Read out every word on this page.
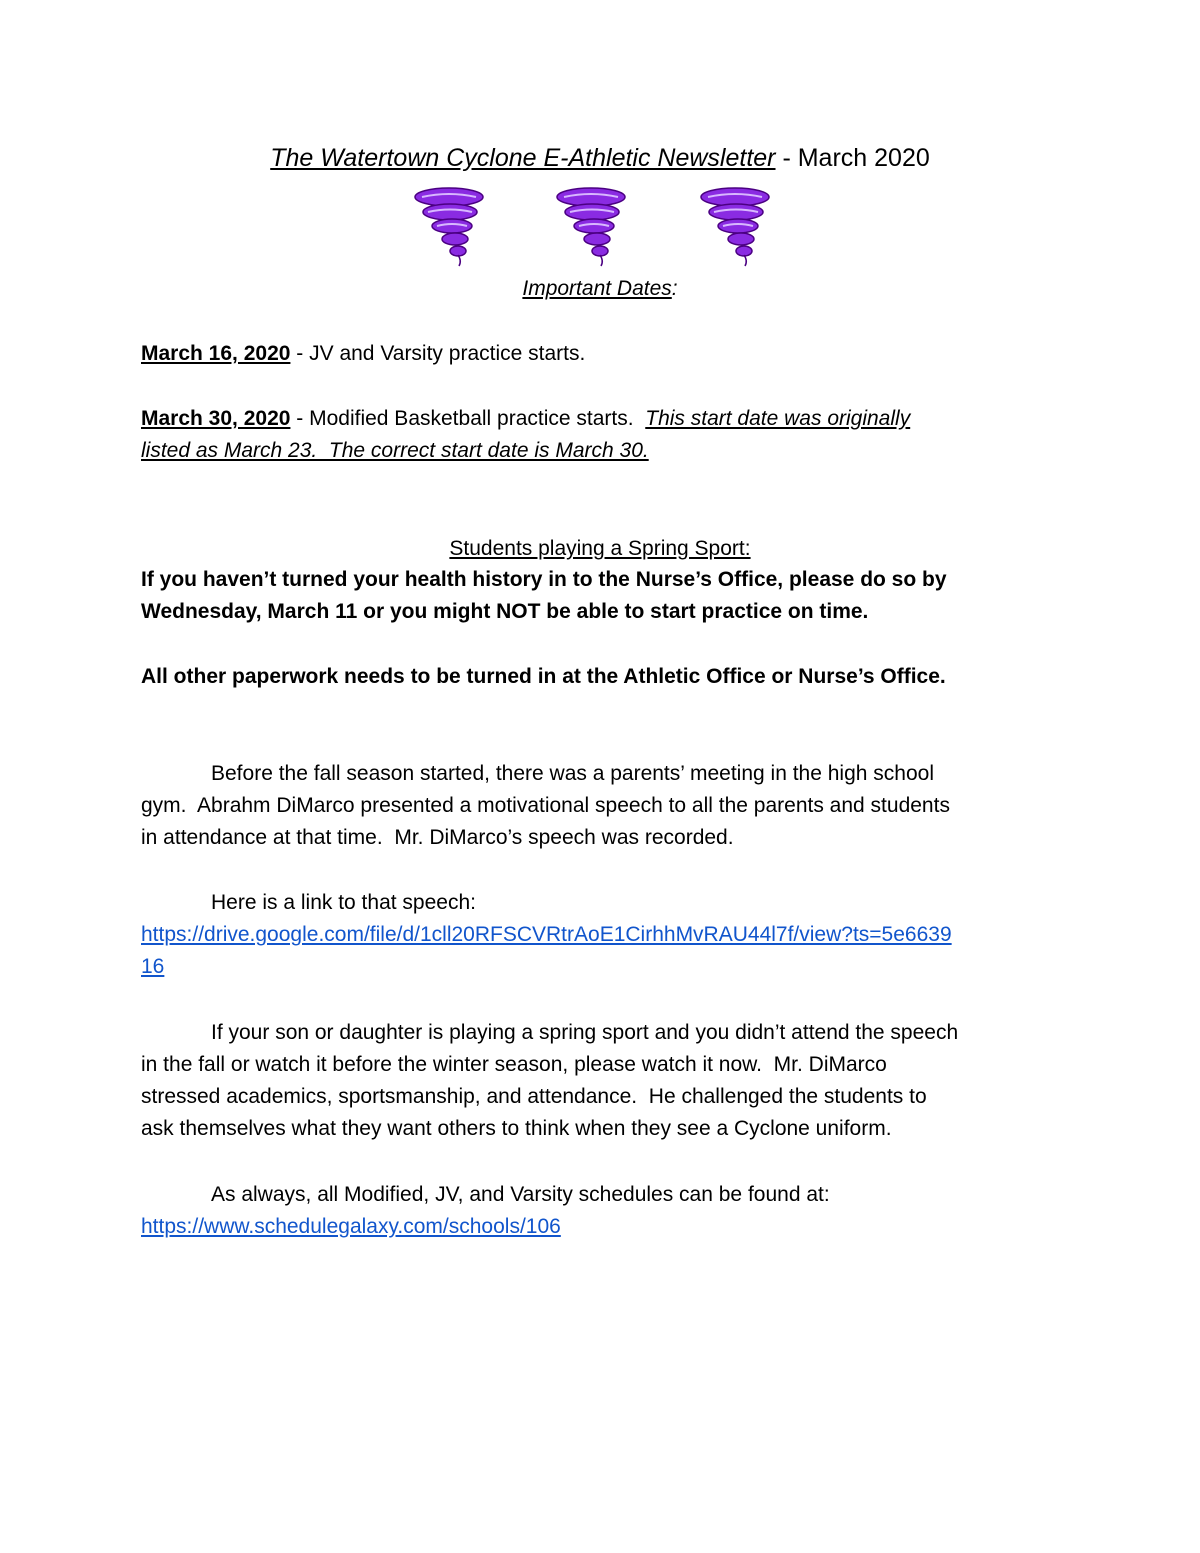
The Watertown Cyclone E-Athletic Newsletter - March 2020
Important Dates:
March 16, 2020 - JV and Varsity practice starts.
March 30, 2020 - Modified Basketball practice starts.  This start date was originally
listed as March 23.  The correct start date is March 30.
Students playing a Spring Sport:
If you haven’t turned your health history in to the Nurse’s Office, please do so by
Wednesday, March 11 or you might NOT be able to start practice on time.
All other paperwork needs to be turned in at the Athletic Office or Nurse’s Office.
Before the fall season started, there was a parents’ meeting in the high school
gym.  Abrahm DiMarco presented a motivational speech to all the parents and students
in attendance at that time.  Mr. DiMarco’s speech was recorded.
Here is a link to that speech:
https://drive.google.com/file/d/1cll20RFSCVRtrAoE1CirhhMvRAU44l7f/view?ts=5e6639
16
If your son or daughter is playing a spring sport and you didn’t attend the speech
in the fall or watch it before the winter season, please watch it now.  Mr. DiMarco
stressed academics, sportsmanship, and attendance.  He challenged the students to
ask themselves what they want others to think when they see a Cyclone uniform.
As always, all Modified, JV, and Varsity schedules can be found at:
https://www.schedulegalaxy.com/schools/106
